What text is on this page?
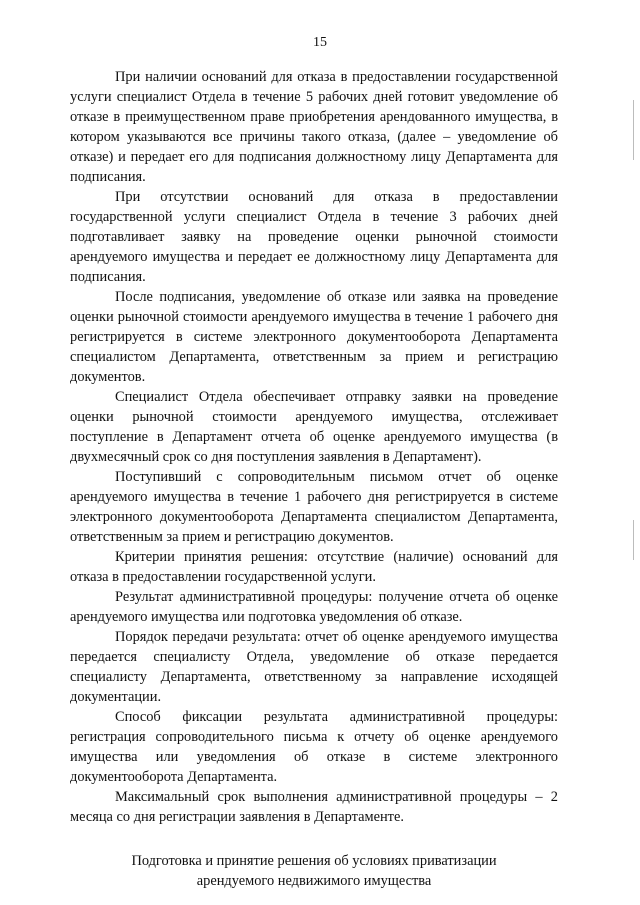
15

При наличии оснований для отказа в предоставлении государственной услуги специалист Отдела в течение 5 рабочих дней готовит уведомление об отказе в преимущественном праве приобретения арендованного имущества, в котором указываются все причины такого отказа, (далее – уведомление об отказе) и передает его для подписания должностному лицу Департамента для подписания.

При отсутствии оснований для отказа в предоставлении государственной услуги специалист Отдела в течение 3 рабочих дней подготавливает заявку на проведение оценки рыночной стоимости арендуемого имущества и передает ее должностному лицу Департамента для подписания.

После подписания, уведомление об отказе или заявка на проведение оценки рыночной стоимости арендуемого имущества в течение 1 рабочего дня регистрируется в системе электронного документооборота Департамента специалистом Департамента, ответственным за прием и регистрацию документов.

Специалист Отдела обеспечивает отправку заявки на проведение оценки рыночной стоимости арендуемого имущества, отслеживает поступление в Департамент отчета об оценке арендуемого имущества (в двухмесячный срок со дня поступления заявления в Департамент).

Поступивший с сопроводительным письмом отчет об оценке арендуемого имущества в течение 1 рабочего дня регистрируется в системе электронного документооборота Департамента специалистом Департамента, ответственным за прием и регистрацию документов.

Критерии принятия решения: отсутствие (наличие) оснований для отказа в предоставлении государственной услуги.

Результат административной процедуры: получение отчета об оценке арендуемого имущества или подготовка уведомления об отказе.

Порядок передачи результата: отчет об оценке арендуемого имущества передается специалисту Отдела, уведомление об отказе передается специалисту Департамента, ответственному за направление исходящей документации.

Способ фиксации результата административной процедуры: регистрация сопроводительного письма к отчету об оценке арендуемого имущества или уведомления об отказе в системе электронного документооборота Департамента.

Максимальный срок выполнения административной процедуры – 2 месяца со дня регистрации заявления в Департаменте.

Подготовка и принятие решения об условиях приватизации
арендуемого недвижимого имущества
